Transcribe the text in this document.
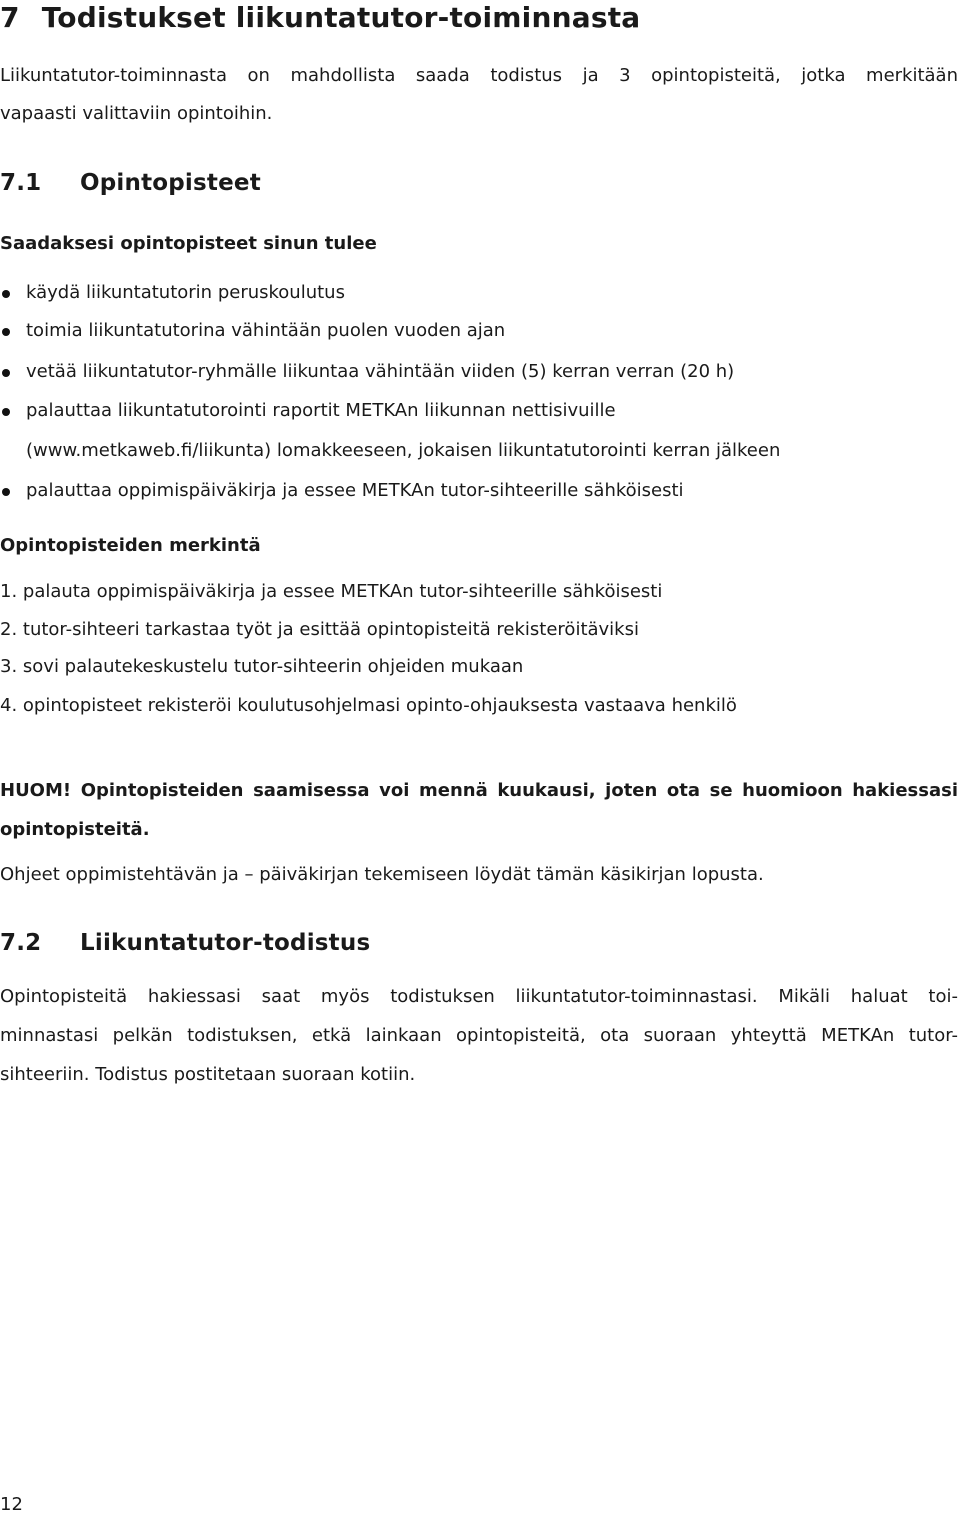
7 Todistukset liikuntatutor-toiminnasta
Liikuntatutor-toiminnasta on mahdollista saada todistus ja 3 opintopisteitä, jotka merkitään
vapaasti valittaviin opintoihin.
7.1 Opintopisteet
Saadaksesi opintopisteet sinun tulee
käydä liikuntatutorin peruskoulutus
toimia liikuntatutorina vähintään puolen vuoden ajan
vetää liikuntatutor-ryhmälle liikuntaa vähintään viiden (5) kerran verran (20 h)
palauttaa liikuntatutorointi raportit METKAn liikunnan nettisivuille
(www.metkaweb.fi/liikunta) lomakkeeseen, jokaisen liikuntatutorointi kerran jälkeen
palauttaa oppimispäiväkirja ja essee METKAn tutor-sihteerille sähköisesti
Opintopisteiden merkintä
1. palauta oppimispäiväkirja ja essee METKAn tutor-sihteerille sähköisesti
2. tutor-sihteeri tarkastaa työt ja esittää opintopisteitä rekisteröitäviksi
3. sovi palautekeskustelu tutor-sihteerin ohjeiden mukaan
4. opintopisteet rekisteröi koulutusohjelmasi opinto-ohjauksesta vastaava henkilö
HUOM! Opintopisteiden saamisessa voi mennä kuukausi, joten ota se huomioon hakiessasi
opintopisteitä.
Ohjeet oppimistehtävän ja – päiväkirjan tekemiseen löydät tämän käsikirjan lopusta.
7.2 Liikuntatutor-todistus
Opintopisteitä hakiessasi saat myös todistuksen liikuntatutor-toiminnastasi. Mikäli haluat toi-
minnastasi pelkän todistuksen, etkä lainkaan opintopisteitä, ota suoraan yhteyttä METKAn tutor-
sihteeriin. Todistus postitetaan suoraan kotiin.
12
